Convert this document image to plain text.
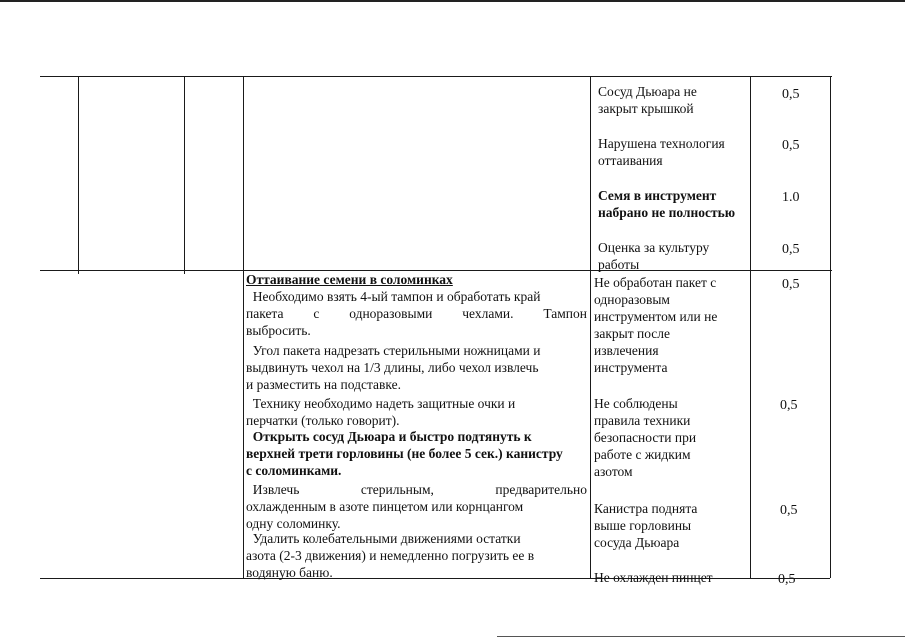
Сосуд Дьюара не
закрыт крышкой
0,5
Нарушена технология
оттаивания
0,5
Семя в инструмент
набрано не полностью
1.0
Оценка за культуру
работы
0,5
Оттаивание семени в соломинках
Необходимо взять 4-ый тампон и обработать край
пакета с одноразовыми чехлами. Тампон
выбросить.
Угол пакета надрезать стерильными ножницами и
выдвинуть чехол на 1/3 длины, либо чехол извлечь
и разместить на подставке.
Технику необходимо надеть защитные очки и
перчатки (только говорит).
Открыть сосуд Дьюара и быстро подтянуть к
верхней трети горловины (не более 5 сек.) канистру
с соломинками.
Извлечь	стерильным,	предварительно
охлажденным в азоте пинцетом или корнцангом
одну соломинку.
Удалить колебательными движениями остатки
азота (2-3 движения) и немедленно погрузить ее в
водяную баню.
Не обработан пакет с
одноразовым
инструментом или не
закрыт после
извлечения
инструмента
0,5
Не соблюдены
правила техники
безопасности при
работе с жидким
азотом
0,5
Канистра поднята
выше горловины
сосуда Дьюара
0,5
Не охлажден пинцет	0,5
